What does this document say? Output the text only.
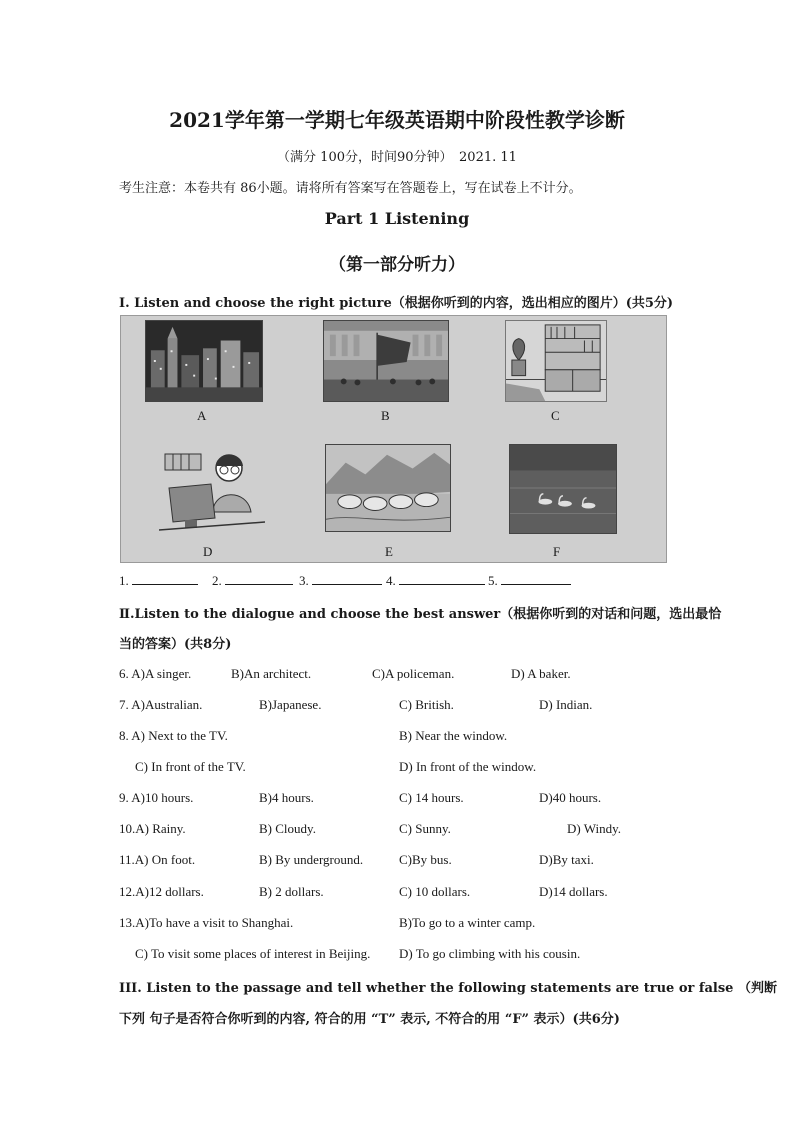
2021学年第一学期七年级英语期中阶段性教学诊断
（满分 100分，时间90分钟）　2021. 11
考生注意：本卷共有 86小题。请将所有答案写在答题卷上，写在试卷上不计分。
Part 1 Listening
（第一部分听力）
I. Listen and choose the right picture（根据你听到的内容，选出相应的图片）(共5分)
A	B	C
D	E	F
1.	2.	3.	4.	5.
Ⅱ.Listen to the dialogue and choose the best answer（根据你听到的对话和问题，选出最恰
当的答案）(共8分)
6. A)A singer.	B)An architect.	C)A policeman.	D) A baker.
7. A)Australian.	B)Japanese.	C) British.	D) Indian.
8. A) Next to the TV.	B) Near the window.
C) In front of the TV.	D) In front of the window.
9. A)10 hours.	B)4 hours.	C) 14 hours.	D)40 hours.
10.A) Rainy.	B) Cloudy.	C) Sunny.	D) Windy.
11.A) On foot.	B) By underground.	C)By bus.	D)By taxi.
12.A)12 dollars.	B) 2 dollars.	C) 10 dollars.	D)14 dollars.
13.A)To have a visit to Shanghai.	B)To go to a winter camp.
C) To visit some places of interest in Beijing. D) To go climbing with his cousin.
III. Listen to the passage and tell whether the following statements are true or false （判断
下列 句子是否符合你听到的内容, 符合的用 “T” 表示, 不符合的用 “F” 表示）(共6分)
